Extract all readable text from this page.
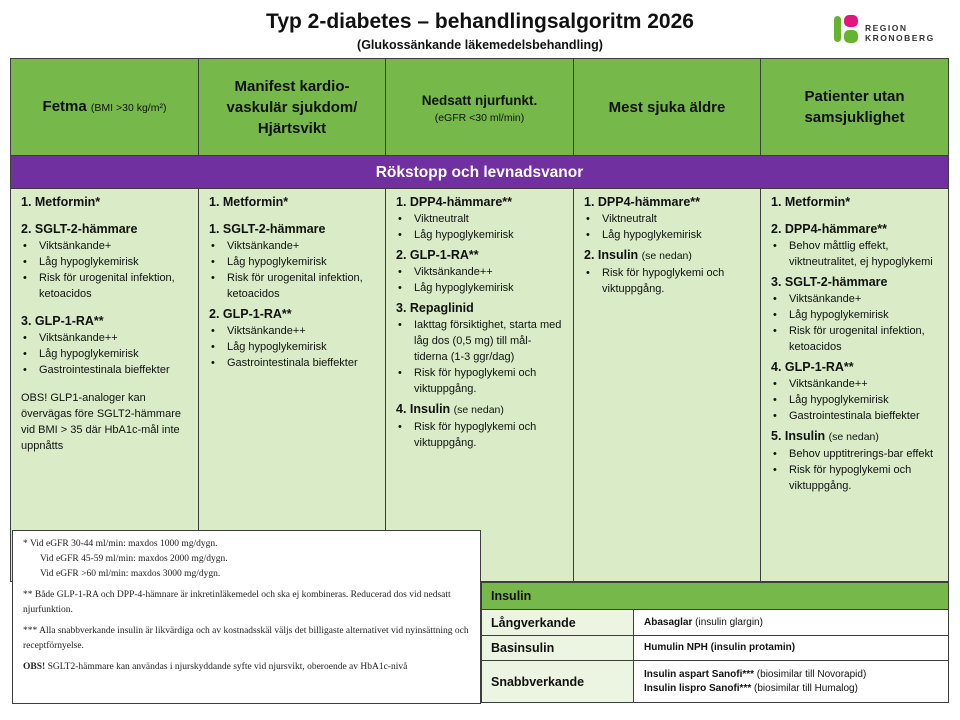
Typ 2-diabetes – behandlingsalgoritm 2026
(Glukossänkande läkemedelsbehandling)
REGION
KRONOBERG
Fetma (BMI >30 kg/m²)
Manifest kardio-vaskulär sjukdom/ Hjärtsvikt
Nedsatt njurfunkt.
(eGFR <30 ml/min)
Mest sjuka äldre
Patienter utan samsjuklighet
Rökstopp och levnadsvanor
1. Metformin*
2. SGLT-2-hämmare
• Viktsänkande+
• Låg hypoglykemirisk
• Risk för urogenital infektion, ketoacidos
3. GLP-1-RA**
• Viktsänkande++
• Låg hypoglykemirisk
• Gastrointestinala bieffekter
OBS! GLP1-analoger kan övervägas före SGLT2-hämmare vid BMI > 35 där HbA1c-mål inte uppnåtts
1. Metformin*
1. SGLT-2-hämmare
• Viktsänkande+
• Låg hypoglykemirisk
• Risk för urogenital infektion, ketoacidos
2. GLP-1-RA**
• Viktsänkande++
• Låg hypoglykemirisk
• Gastrointestinala bieffekter
1. DPP4-hämmare**
• Viktneutralt
• Låg hypoglykemirisk
2. GLP-1-RA**
• Viktsänkande++
• Låg hypoglykemirisk
3. Repaglinid
• Iakttag försiktighet, starta med låg dos (0,5 mg) till mål-tiderna (1-3 ggr/dag)
• Risk för hypoglykemi och viktuppgång.
4. Insulin (se nedan)
• Risk för hypoglykemi och viktuppgång.
1. DPP4-hämmare**
• Viktneutralt
• Låg hypoglykemirisk
2. Insulin (se nedan)
• Risk för hypoglykemi och viktuppgång.
1. Metformin*
2. DPP4-hämmare**
• Behov måttlig effekt, viktneutralitet, ej hypoglykemi
3. SGLT-2-hämmare
• Viktsänkande+
• Låg hypoglykemirisk
• Risk för urogenital infektion, ketoacidos
4. GLP-1-RA**
• Viktsänkande++
• Låg hypoglykemirisk
• Gastrointestinala bieffekter
5. Insulin (se nedan)
• Behov upptitrerings-bar effekt
• Risk för hypoglykemi och viktuppgång.

* Vid eGFR 30-44 ml/min: maxdos 1000 mg/dygn.
Vid eGFR 45-59 ml/min: maxdos 2000 mg/dygn.
Vid eGFR >60 ml/min: maxdos 3000 mg/dygn.

** Både GLP-1-RA och DPP-4-hämnare är inkretinläkemedel och ska ej kombineras. Reducerad dos vid nedsatt njurfunktion.

*** Alla snabbverkande insulin är likvärdiga och av kostnadsskäl väljs det billigaste alternativet vid nyinsättning och receptförnyelse.

OBS! SGLT2-hämmare kan användas i njurskyddande syfte vid njursvikt, oberoende av HbA1c-nivå

Insulin
Långverkande	Abasaglar (insulin glargin)
Basinsulin	Humulin NPH (insulin protamin)
Snabbverkande
Insulin aspart Sanofi*** (biosimilar till Novorapid)
Insulin lispro Sanofi*** (biosimilar till Humalog)
